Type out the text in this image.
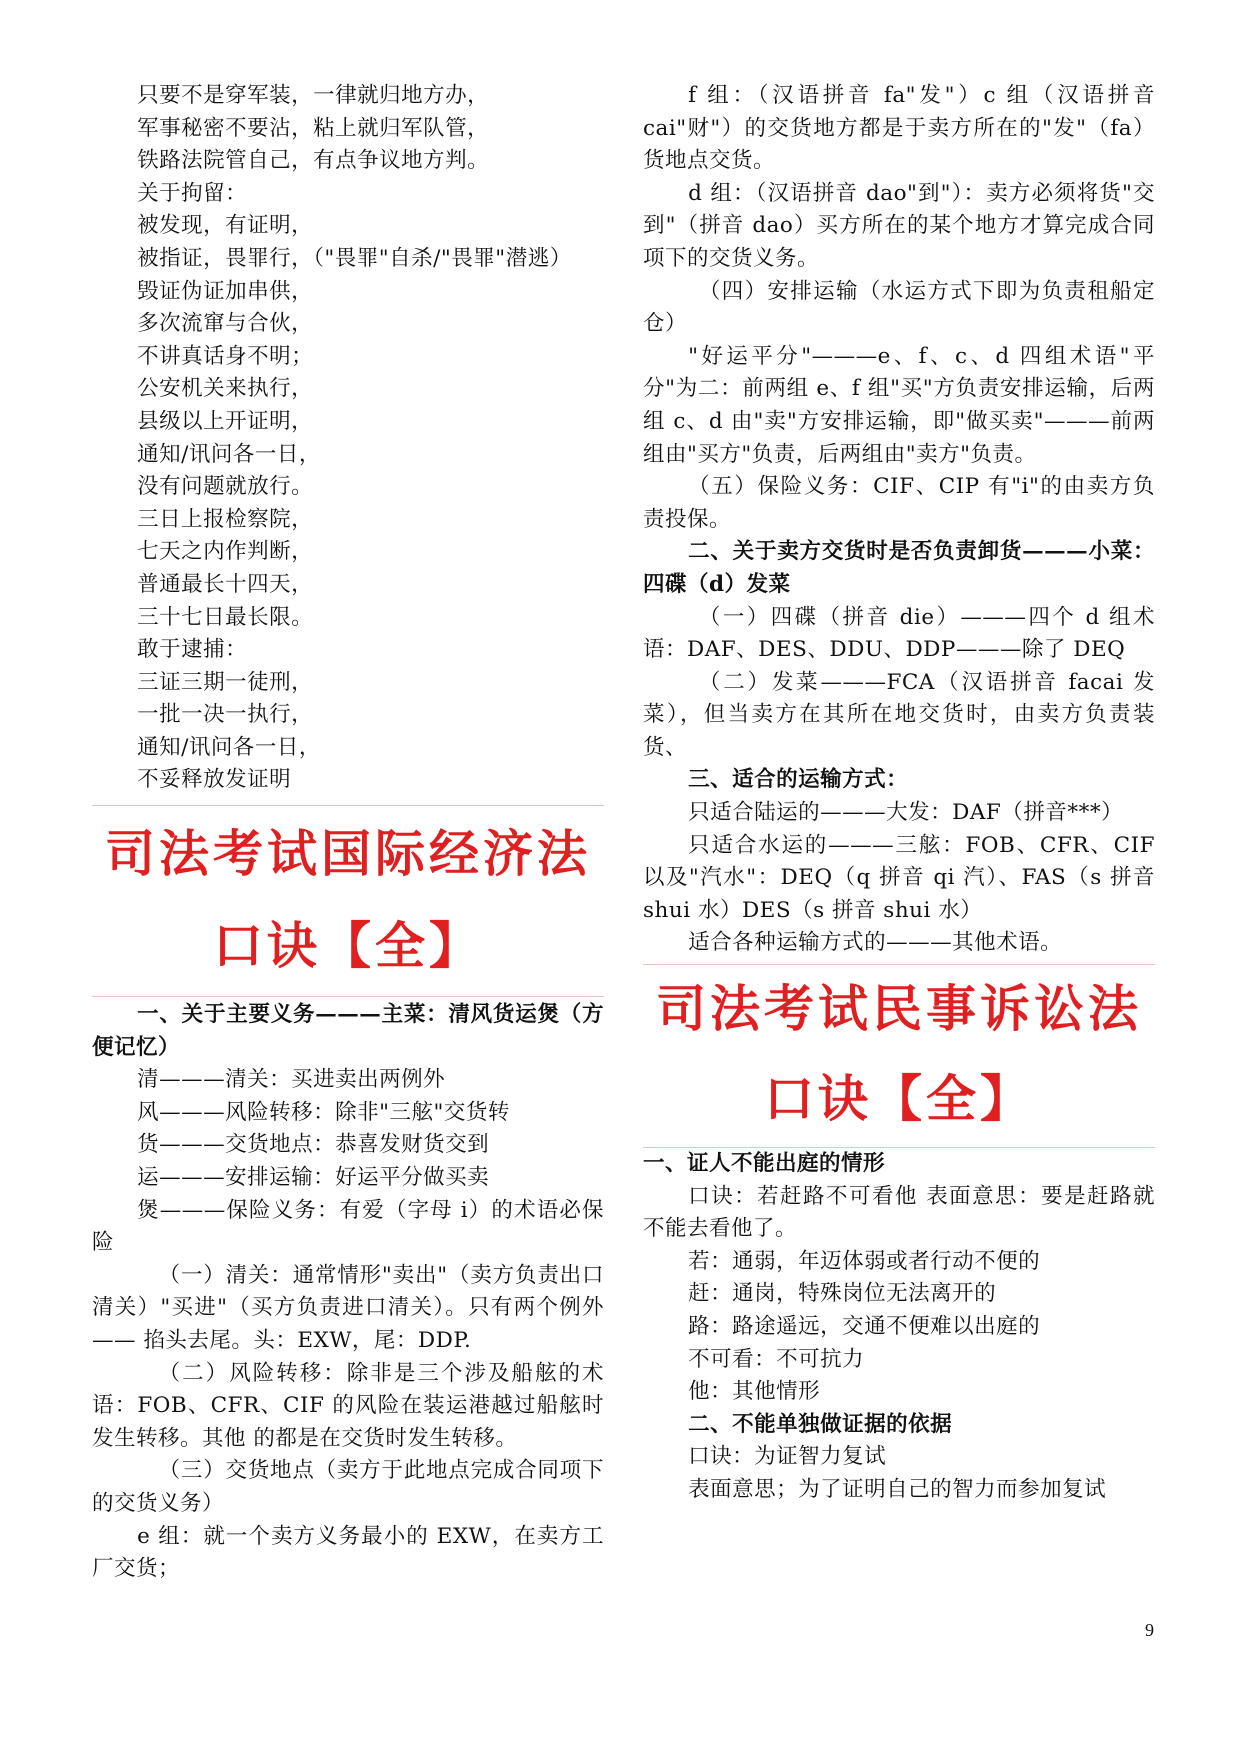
只要不是穿军装，一律就归地方办，

军事秘密不要沾，粘上就归军队管，

铁路法院管自己，有点争议地方判。

关于拘留：

被发现，有证明，

被指证，畏罪行，（"畏罪"自杀/"畏罪"潜逃）

毁证伪证加串供，

多次流窜与合伙，

不讲真话身不明；

公安机关来执行，

县级以上开证明，

通知/讯问各一日，

没有问题就放行。

三日上报检察院，

七天之内作判断，

普通最长十四天，

三十七日最长限。

敢于逮捕：

三证三期一徒刑，

一批一决一执行，

通知/讯问各一日，

不妥释放发证明

司法考试国际经济法

口诀【全】

一、关于主要义务———主菜：清风货运煲（方便记忆）

清———清关：买进卖出两例外

风———风险转移：除非"三舷"交货转

货———交货地点：恭喜发财货交到

运———安排运输：好运平分做买卖

煲———保险义务：有爱（字母 i）的术语必保险

（一）清关：通常情形"卖出"（卖方负责出口清关）"买进"（买方负责进口清关）。只有两个例外—— 掐头去尾。头：EXW，尾：DDP.

（二）风险转移：除非是三个涉及船舷的术语：FOB、CFR、CIF 的风险在装运港越过船舷时发生转移。其他 的都是在交货时发生转移。

（三）交货地点（卖方于此地点完成合同项下的交货义务）

e 组：就一个卖方义务最小的 EXW，在卖方工厂交货；

f 组：（汉语拼音 fa"发"）c 组（汉语拼音 cai"财"）的交货地方都是于卖方所在的"发"（fa）货地点交货。

d 组：（汉语拼音 dao"到"）：卖方必须将货"交到"（拼音 dao）买方所在的某个地方才算完成合同项下的交货义务。

（四）安排运输（水运方式下即为负责租船定仓）

"好运平分"———e、f、c、d 四组术语"平分"为二：前两组 e、f 组"买"方负责安排运输，后两组 c、d 由"卖"方安排运输，即"做买卖"———前两组由"买方"负责，后两组由"卖方"负责。

（五）保险义务：CIF、CIP 有"i"的由卖方负责投保。

二、关于卖方交货时是否负责卸货———小菜：四碟（d）发菜

（一）四碟（拼音 die）———四个 d 组术语：DAF、DES、DDU、DDP———除了 DEQ

（二）发菜———FCA（汉语拼音 facai 发菜），但当卖方在其所在地交货时，由卖方负责装货、

三、适合的运输方式：

只适合陆运的———大发：DAF（拼音***）

只适合水运的———三舷：FOB、CFR、CIF 以及"汽水"：DEQ（q 拼音 qi 汽）、FAS（s 拼音 shui 水）DES（s 拼音 shui 水）

适合各种运输方式的———其他术语。

司法考试民事诉讼法

口诀【全】

一、证人不能出庭的情形

口诀：若赶路不可看他 表面意思：要是赶路就不能去看他了。

若：通弱，年迈体弱或者行动不便的

赶：通岗，特殊岗位无法离开的

路：路途遥远，交通不便难以出庭的

不可看：不可抗力

他：其他情形

二、不能单独做证据的依据

口诀：为证智力复试

表面意思；为了证明自己的智力而参加复试

9
